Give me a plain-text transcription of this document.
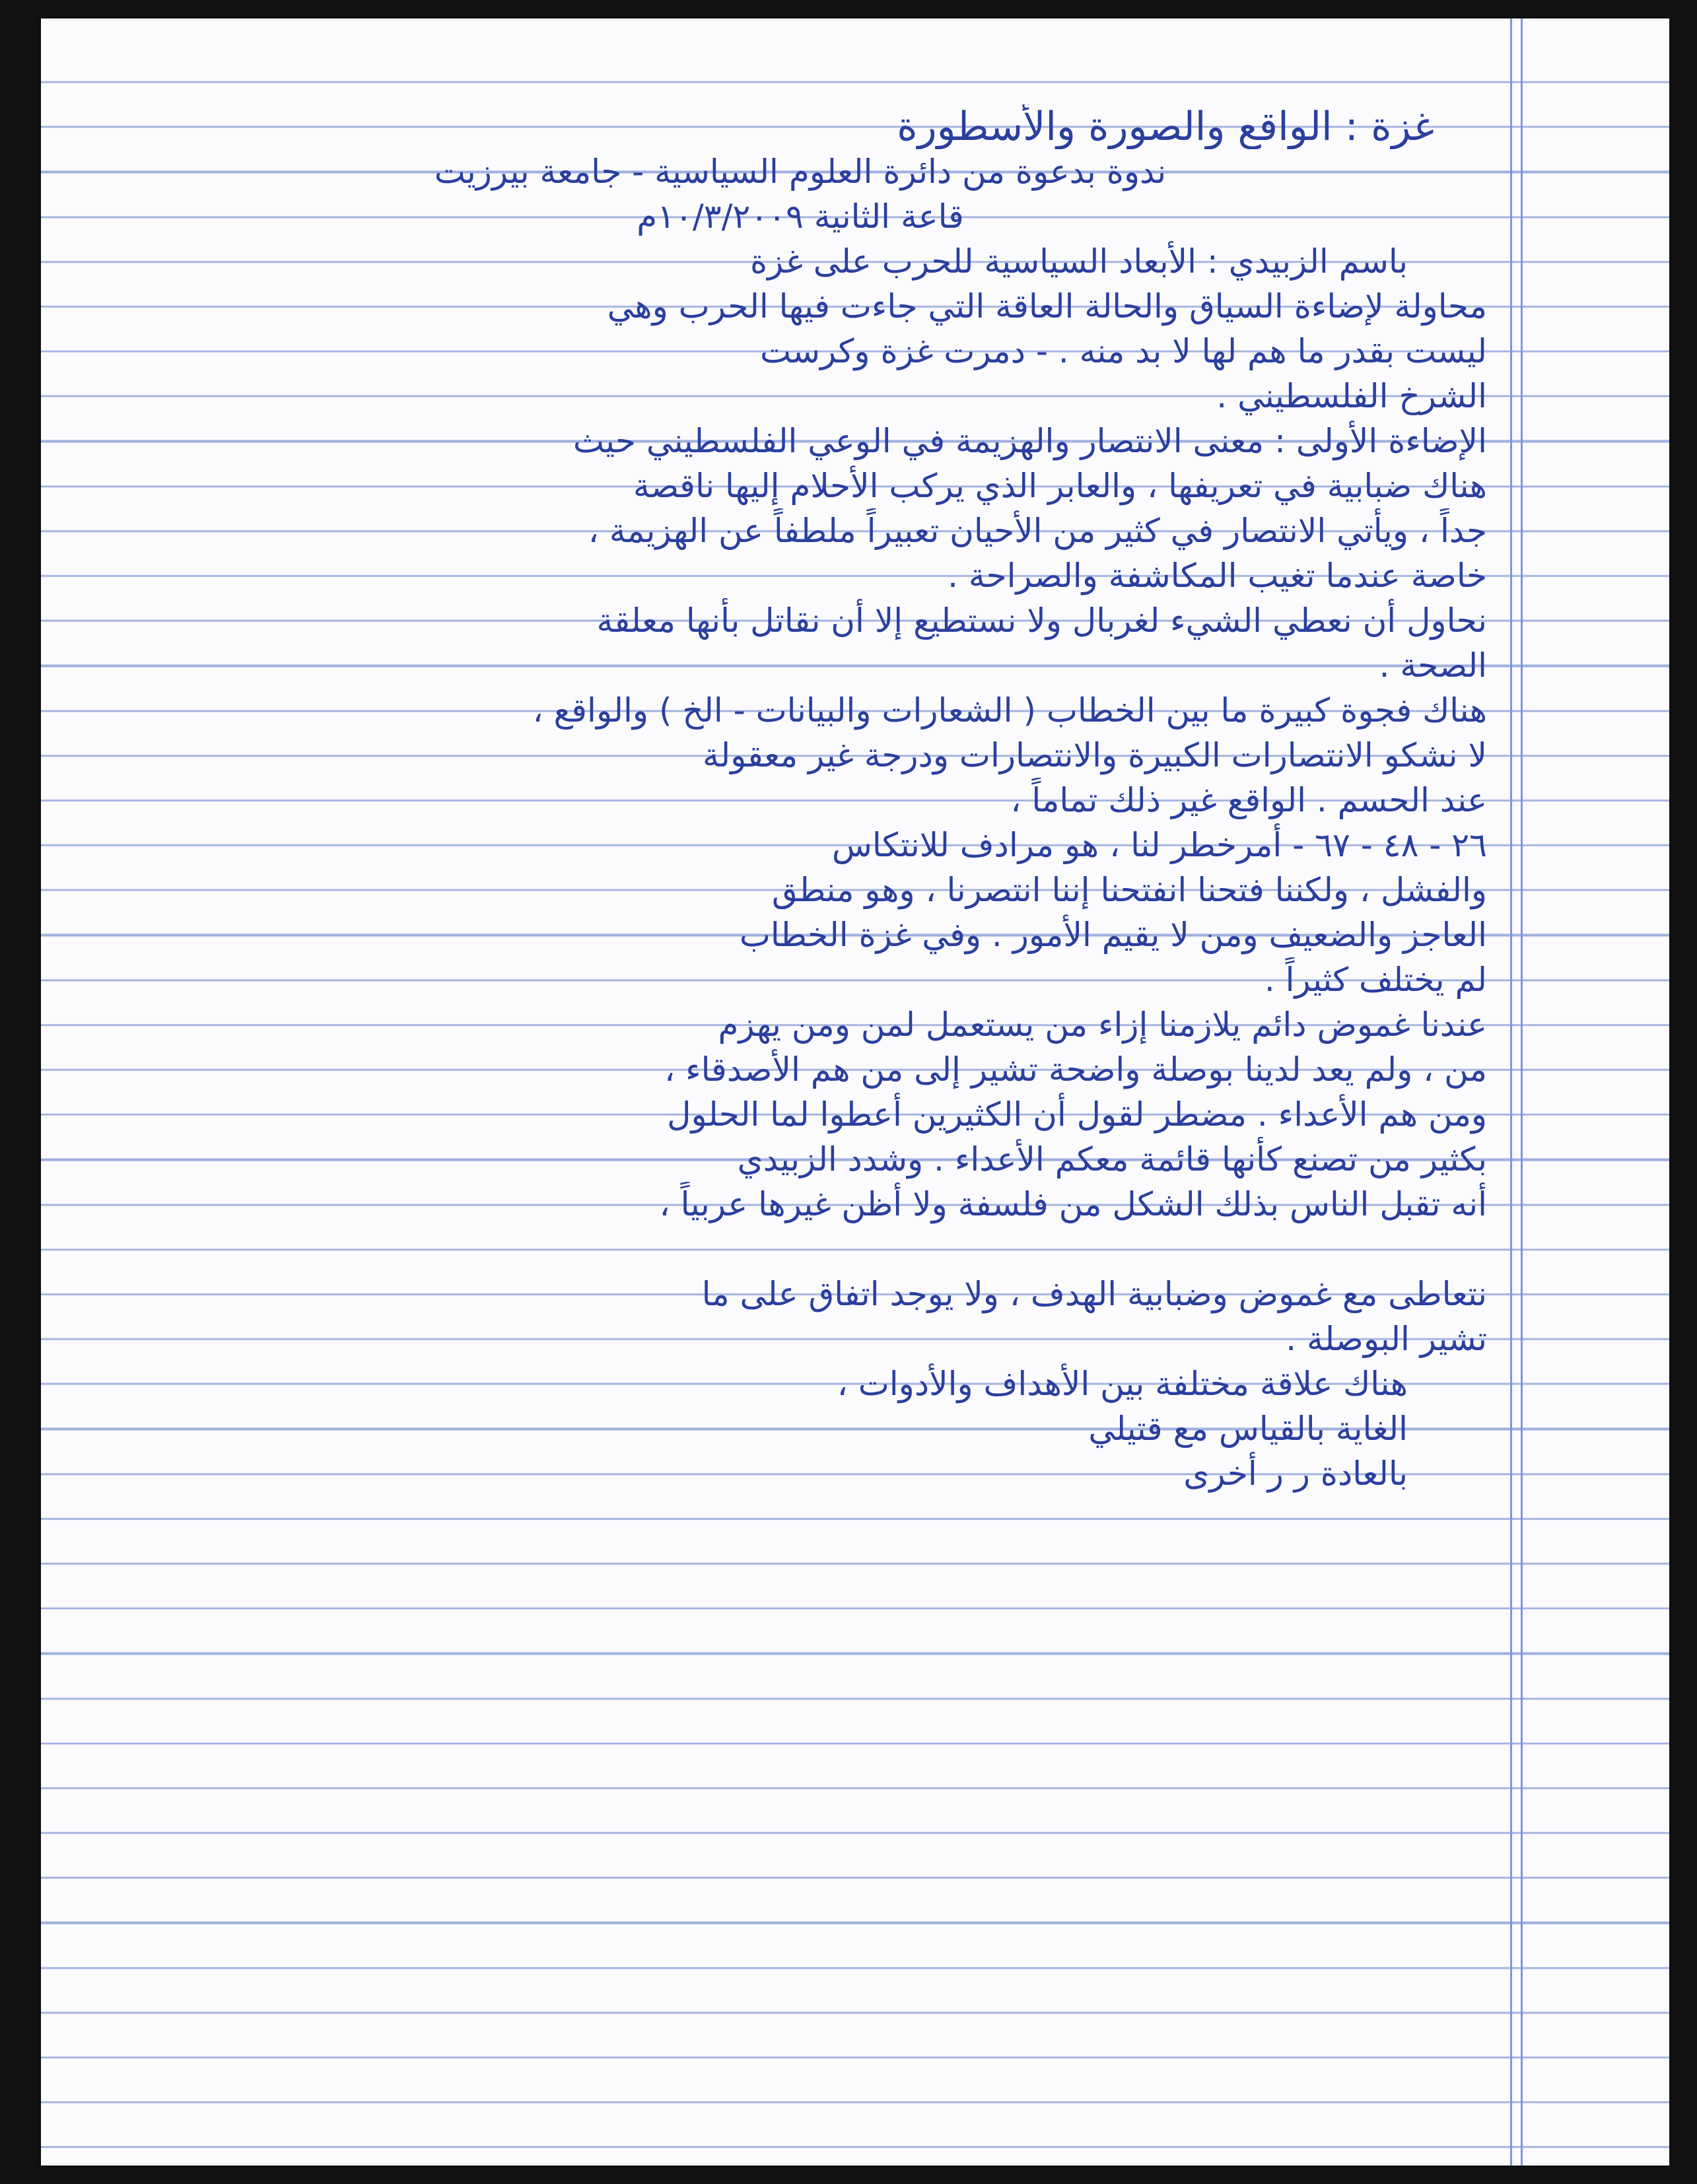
غزة : الواقع والصورة والأسطورة
ندوة بدعوة من دائرة العلوم السياسية - جامعة بيرزيت
قاعة الثانية ١٠/٣/٢٠٠٩م
باسم الزبيدي : الأبعاد السياسية للحرب على غزة
محاولة لإضاءة السياق والحالة العاقة التي جاءت فيها الحرب وهي
ليست بقدر ما هم لها لا بد منه . - دمرت غزة وكرست
الشرخ الفلسطيني .
الإضاءة الأولى : معنى الانتصار والهزيمة في الوعي الفلسطيني حيث
هناك ضبابية في تعريفها ، والعابر الذي يركب الأحلام إليها ناقصة
جداً ، ويأتي الانتصار في كثير من الأحيان تعبيراً ملطفاً عن الهزيمة ،
خاصة عندما تغيب المكاشفة والصراحة .
نحاول أن نعطي الشيء لغربال ولا نستطيع إلا أن نقاتل بأنها معلقة
الصحة .
هناك فجوة كبيرة ما بين الخطاب ( الشعارات والبيانات - الخ ) والواقع ،
لا نشكو الانتصارات الكبيرة والانتصارات ودرجة غير معقولة
عند الحسم . الواقع غير ذلك تماماً ،
٢٦ - ٤٨ - ٦٧ - أمرخطر لنا ، هو مرادف للانتكاس
والفشل ، ولكننا فتحنا انفتحنا إننا انتصرنا ، وهو منطق
العاجز والضعيف ومن لا يقيم الأمور . وفي غزة الخطاب
لم يختلف كثيراً .
عندنا غموض دائم يلازمنا إزاء من يستعمل لمن ومن يهزم
من ، ولم يعد لدينا بوصلة واضحة تشير إلى من هم الأصدقاء ،
ومن هم الأعداء . مضطر لقول أن الكثيرين أعطوا لما الحلول
بكثير من تصنع كأنها قائمة معكم الأعداء . وشدد الزبيدي
أنه تقبل الناس بذلك الشكل من فلسفة ولا أظن غيرها عربياً ،
نتعاطى مع غموض وضبابية الهدف ، ولا يوجد اتفاق على ما
تشير البوصلة .
هناك علاقة مختلفة بين الأهداف والأدوات ،
الغاية بالقياس مع قتيلي
بالعادة ر ر أخرى
